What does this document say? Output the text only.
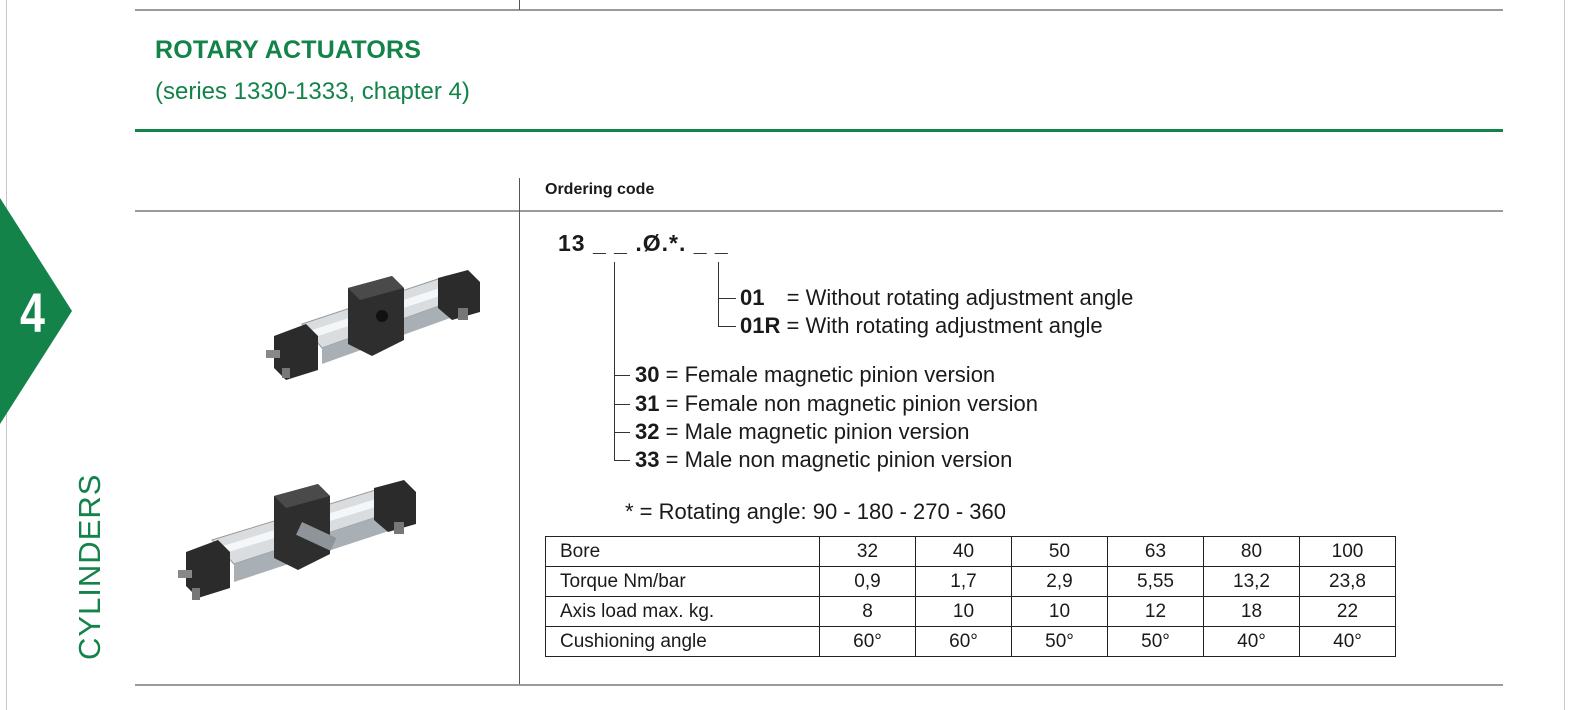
ROTARY ACTUATORS
(series 1330-1333, chapter 4)
4
CYLINDERS
Ordering code
13 _ _ .Ø.*. _ _
01 = Without rotating adjustment angle
01R = With rotating adjustment angle
30 = Female magnetic pinion version
31 = Female non magnetic pinion version
32 = Male magnetic pinion version
33 = Male non magnetic pinion version
* = Rotating angle: 90 - 180 - 270 - 360
Bore	32	40	50	63	80	100
Torque Nm/bar	0,9	1,7	2,9	5,55	13,2	23,8
Axis load max. kg.	8	10	10	12	18	22
Cushioning angle	60°	60°	50°	50°	40°	40°
